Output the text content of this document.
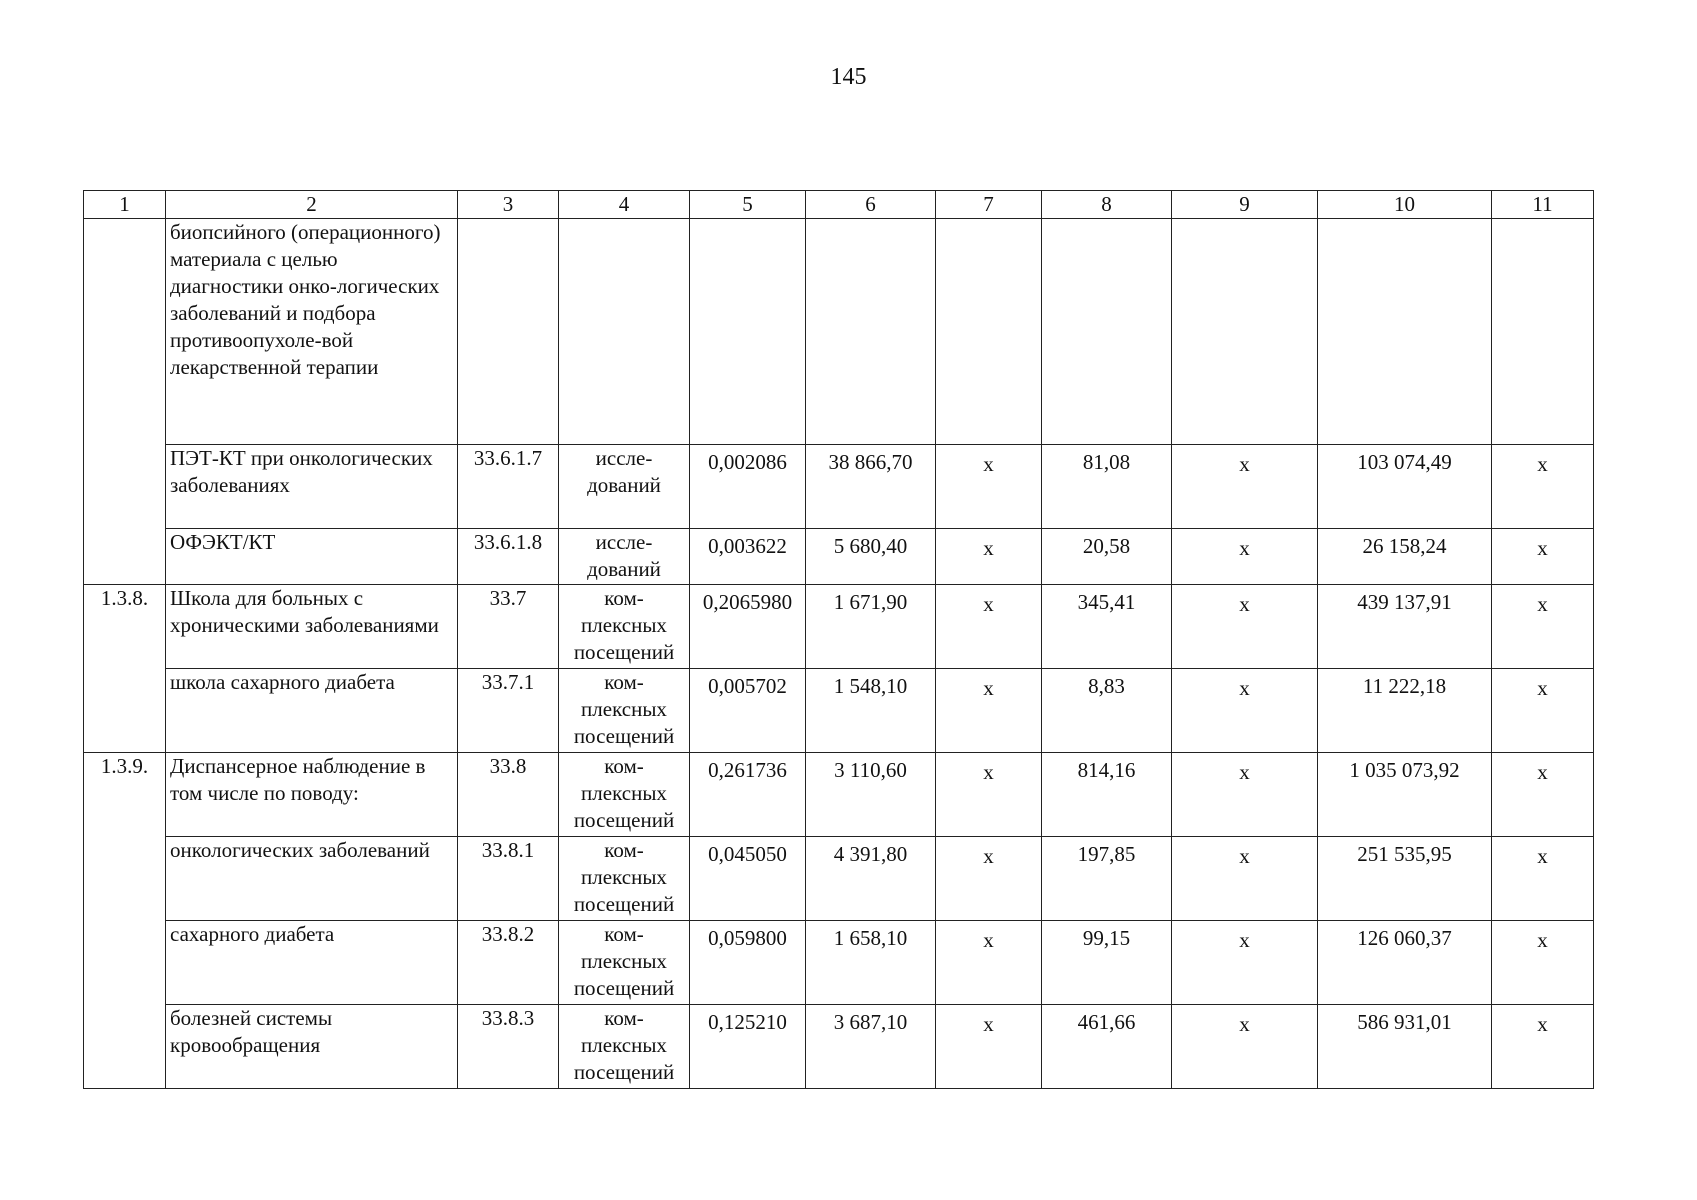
145
1	2	3	4	5	6	7	8	9	10	11
	биопсийного (операционного) материала с целью диагностики онко-логических заболеваний и подбора противоопухоле-вой лекарственной терапии									
	ПЭТ-КТ при онкологических заболеваниях	33.6.1.7	иссле-дований	0,002086	38 866,70	х	81,08	х	103 074,49	х
	ОФЭКТ/КТ	33.6.1.8	иссле-дований	0,003622	5 680,40	х	20,58	х	26 158,24	х
1.3.8.	Школа для больных с хроническими заболеваниями	33.7	ком-плексных посещений	0,2065980	1 671,90	х	345,41	х	439 137,91	х
	школа сахарного диабета	33.7.1	ком-плексных посещений	0,005702	1 548,10	х	8,83	х	11 222,18	х
1.3.9.	Диспансерное наблюдение в том числе по поводу:	33.8	ком-плексных посещений	0,261736	3 110,60	х	814,16	х	1 035 073,92	х
	онкологических заболеваний	33.8.1	ком-плексных посещений	0,045050	4 391,80	х	197,85	х	251 535,95	х
	сахарного диабета	33.8.2	ком-плексных посещений	0,059800	1 658,10	х	99,15	х	126 060,37	х
	болезней системы кровообращения	33.8.3	ком-плексных посещений	0,125210	3 687,10	х	461,66	х	586 931,01	х
